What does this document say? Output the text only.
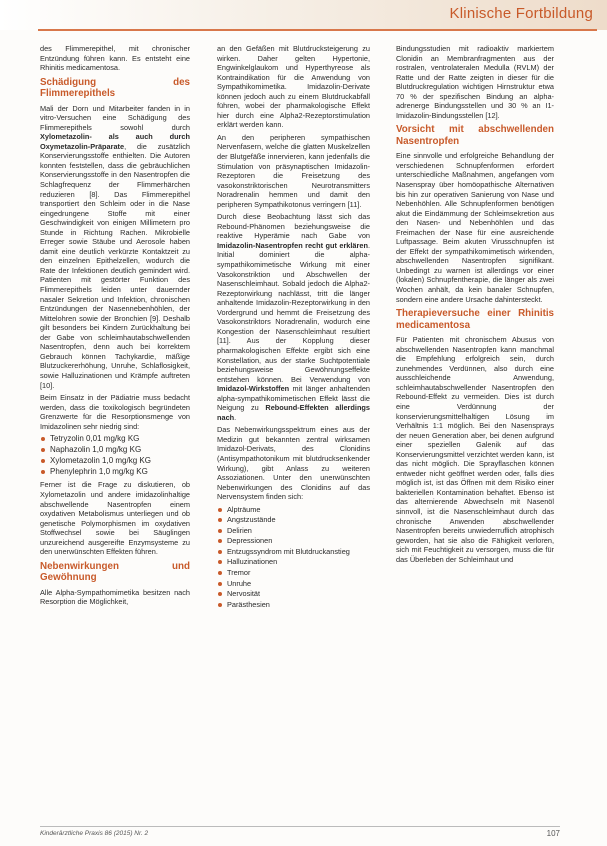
Klinische Fortbildung

des Flimmerepithel, mit chronischer Entzündung führen kann. Es entsteht eine Rhinitis medicamentosa.

Schädigung des Flimmerepithels

Mali der Dorn und Mitarbeiter fanden in in vitro-Versuchen eine Schädigung des Flimmerepithels sowohl durch Xylometazolin- als auch durch Oxymetazolin-Präparate, die zusätzlich Konservierungsstoffe enthielten. Die Autoren konnten feststellen, dass die gebräuchlichen Konservierungsstoffe in den Nasentropfen die Schlagfrequenz der Flimmerhärchen reduzieren [8]. Das Flimmerepithel transportiert den Schleim oder in die Nase eingedrungene Stoffe mit einer Geschwindigkeit von einigen Millimetern pro Stunde in Richtung Rachen. Mikrobielle Erreger sowie Stäube und Aerosole haben damit eine deutlich verkürzte Kontaktzeit zu den einzelnen Epithelzellen, wodurch die Rate der Infektionen deutlich gemindert wird. Patienten mit gestörter Funktion des Flimmerepithels leiden unter dauernder nasaler Sekretion und Infektion, chronischen Entzündungen der Nasennebenhöhlen, der Mittelohren sowie der Bronchien [9]. Deshalb gilt besonders bei Kindern Zurückhaltung bei der Gabe von schleimhautabschwellenden Nasentropfen, denn auch bei korrektem Gebrauch können Tachykardie, mäßige Blutzuckererhöhung, Unruhe, Schlaflosigkeit, sowie Halluzinationen und Krämpfe auftreten [10].

Beim Einsatz in der Pädiatrie muss bedacht werden, dass die toxikologisch begründeten Grenzwerte für die Resorptionsmenge von Imidazolinen sehr niedrig sind:

Tetryzolin 0,01 mg/kg KG
Naphazolin 1,0 mg/kg KG
Xylometazolin 1,0 mg/kg KG
Phenylephrin 1,0 mg/kg KG

Ferner ist die Frage zu diskutieren, ob Xylometazolin und andere imidazolinhaltige abschwellende Nasentropfen einem oxydativen Metabolismus unterliegen und ob genetische Polymorphismen im oxydativen Stoffwechsel sowie bei Säuglingen unzureichend ausgereifte Enzymsysteme zu den unerwünschten Effekten führen.

Nebenwirkungen und Gewöhnung

Alle Alpha-Sympathomimetika besitzen nach Resorption die Möglichkeit,

an den Gefäßen mit Blutdrucksteigerung zu wirken. Daher gelten Hypertonie, Engwinkelglaukom und Hyperthyreose als Kontraindikation für die Anwendung von Sympathikomimetika. Imidazolin-Derivate können jedoch auch zu einem Blutdruckabfall führen, wobei der pharmakologische Effekt hier durch eine Alpha2-Rezeptorstimulation erklärt werden kann.

An den peripheren sympathischen Nervenfasern, welche die glatten Muskelzellen der Blutgefäße innervieren, kann jedenfalls die Stimulation von präsynaptischen Imidazolin-Rezeptoren die Freisetzung des vasokonstriktorischen Neurotransmitters Noradrenalin hemmen und damit den peripheren Sympathikotonus verringern [11].

Durch diese Beobachtung lässt sich das Rebound-Phänomen beziehungsweise die reaktive Hyperämie nach Gabe von Imidazolin-Nasentropfen recht gut erklären. Initial dominiert die alpha-sympathikomimetische Wirkung mit einer Vasokonstriktion und Abschwellen der Nasenschleimhaut. Sobald jedoch die Alpha2-Rezeptorwirkung nachlässt, tritt die länger anhaltende Imidazolin-Rezeptorwirkung in den Vordergrund und hemmt die Freisetzung des Vasokonstriktors Noradrenalin, wodurch eine Kongestion der Nasenschleimhaut resultiert [11]. Aus der Kopplung dieser pharmakologischen Effekte ergibt sich eine Konstellation, aus der starke Suchtpotentiale beziehungsweise Gewöhnungseffekte entstehen können. Bei Verwendung von Imidazol-Wirkstoffen mit länger anhaltenden alpha-sympathikomimetischen Effekt lässt die Neigung zu Rebound-Effekten allerdings nach.

Das Nebenwirkungsspektrum eines aus der Medizin gut bekannten zentral wirksamen Imidazol-Derivats, des Clonidins (Antisympathotonikum mit blutdrucksenkender Wirkung), gibt Anlass zu weiteren Assoziationen. Unter den unerwünschten Nebenwirkungen des Clonidins auf das Nervensystem finden sich:

Alpträume
Angstzustände
Delirien
Depressionen
Entzugssyndrom mit Blutdruckanstieg
Halluzinationen
Tremor
Unruhe
Nervosität
Parästhesien

Bindungsstudien mit radioaktiv markiertem Clonidin an Membranfragmenten aus der rostralen, ventrolateralen Medulla (RVLM) der Ratte und der Ratte zeigten in dieser für die Blutdruckregulation wichtigen Hirnstruktur etwa 70 % der spezifischen Bindung an alpha-adrenerge Bindungsstellen und 30 % an I1-Imidazolin-Bindungsstellen [12].

Vorsicht mit abschwellenden Nasentropfen

Eine sinnvolle und erfolgreiche Behandlung der verschiedenen Schnupfenformen erfordert unterschiedliche Maßnahmen, angefangen vom Nasenspray über homöopathische Alternativen bis hin zur operativen Sanierung von Nase und Nebenhöhlen. Alle Schnupfenformen benötigen akut die Eindämmung der Schleimsekretion aus den Nasen- und Nebenhöhlen und das Freimachen der Nase für eine ausreichende Luftpassage. Beim akuten Virusschnupfen ist der Effekt der sympathikomimetisch wirkenden, abschwellenden Nasentropfen signifikant. Unbedingt zu warnen ist allerdings vor einer (lokalen) Schnupfentherapie, die länger als zwei Wochen anhält, da kein banaler Schnupfen, sondern eine andere Ursache dahintersteckt.

Therapieversuche einer Rhinitis medicamentosa

Für Patienten mit chronischem Abusus von abschwellenden Nasentropfen kann manchmal die Empfehlung erfolgreich sein, durch zunehmendes Verdünnen, also durch eine ausschleichende Anwendung, schleimhautabschwellender Nasentropfen den Rebound-Effekt zu vermeiden. Dies ist durch eine Verdünnung der konservierungsmittelhaltigen Lösung im Verhältnis 1:1 möglich. Bei den Nasensprays der neuen Generation aber, bei denen aufgrund einer speziellen Galenik auf das Konservierungsmittel verzichtet werden kann, ist das nicht möglich. Die Sprayflaschen können entweder nicht geöffnet werden oder, falls dies möglich ist, ist das Öffnen mit dem Risiko einer bakteriellen Kontamination behaftet. Ebenso ist das alternierende Abwechseln mit Nasenöl sinnvoll, ist die Nasenschleimhaut durch das chronische Anwenden abschwellender Nasentropfen bereits unwiederruflich atrophisch geworden, hat sie also die Fähigkeit verloren, sich mit Feuchtigkeit zu versorgen, muss die für das Überleben der Schleimhaut und

Kinderärztliche Praxis 86 (2015) Nr. 2	107
